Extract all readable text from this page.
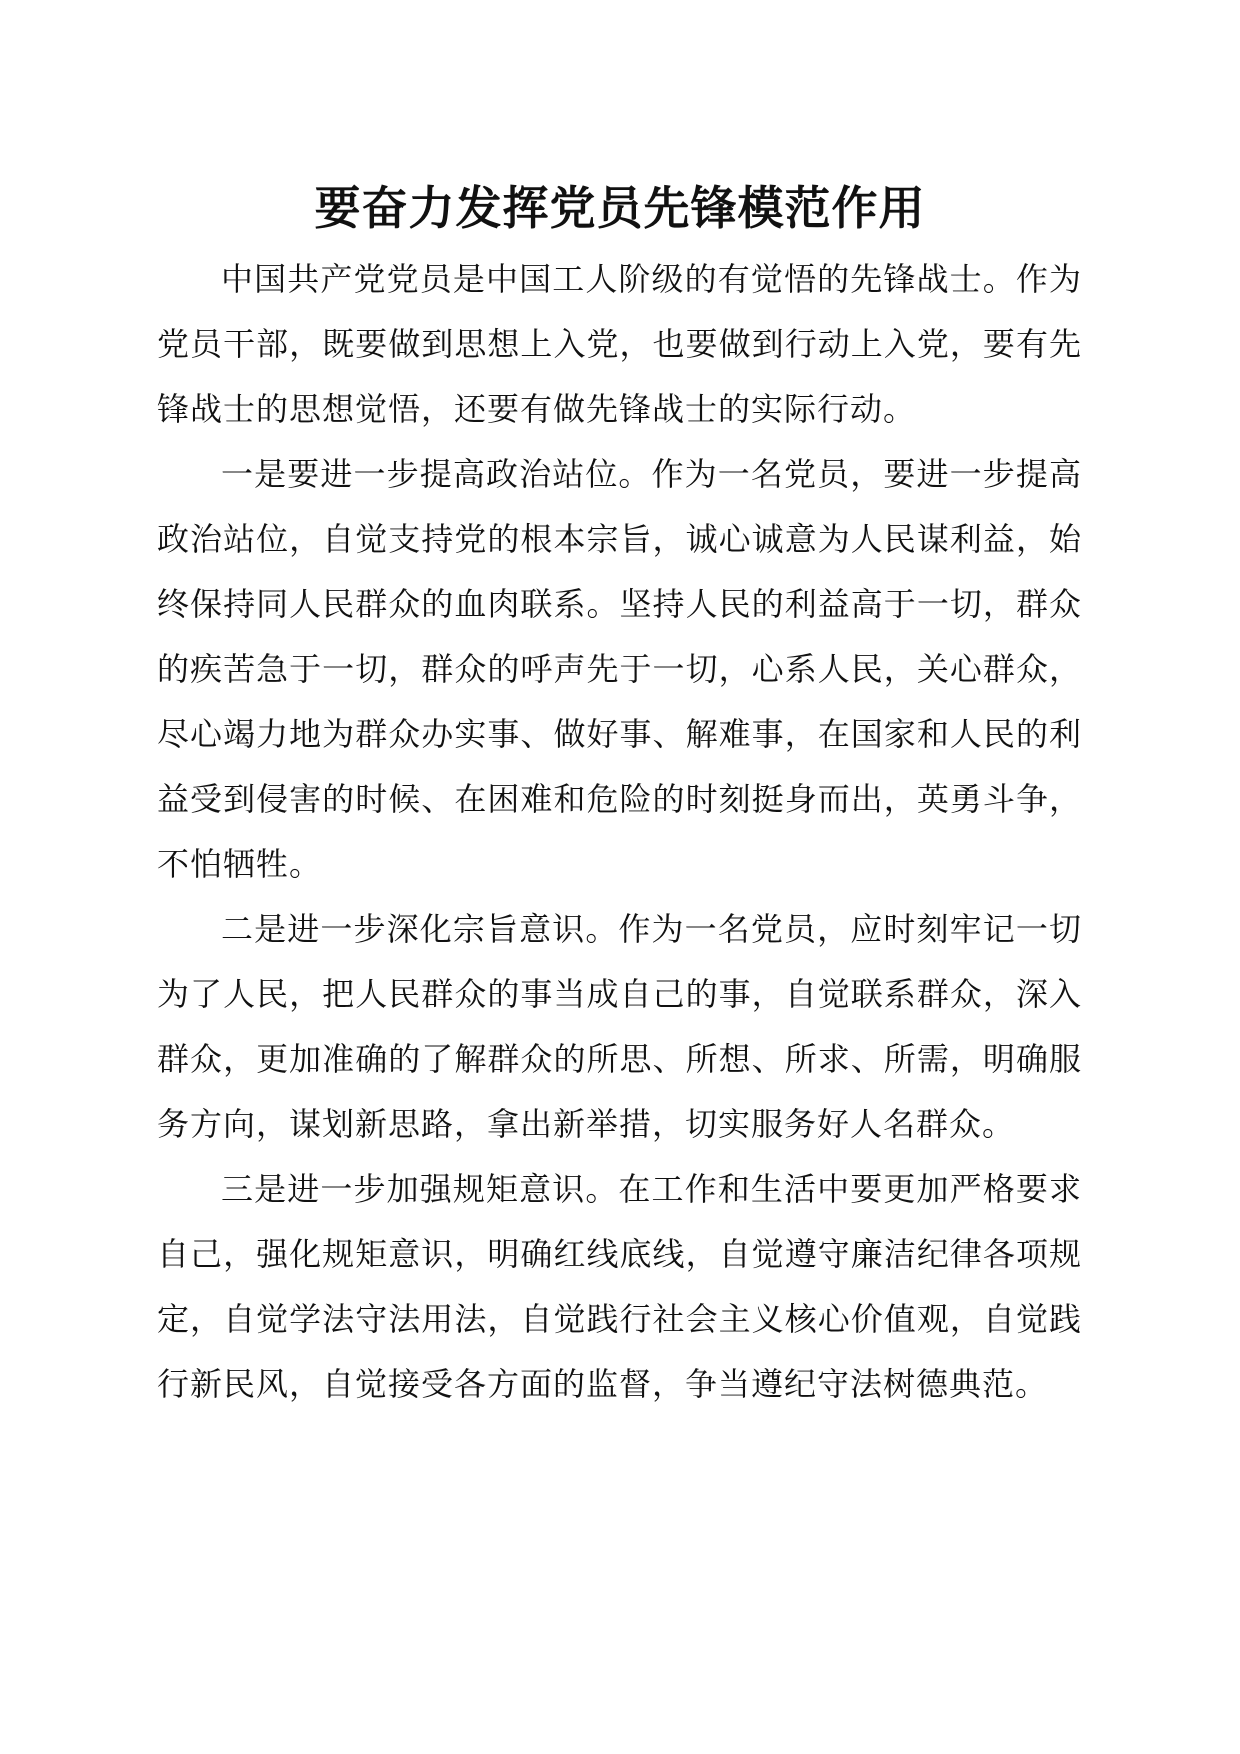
要奋力发挥党员先锋模范作用

中国共产党党员是中国工人阶级的有觉悟的先锋战士。作为党员干部，既要做到思想上入党，也要做到行动上入党，要有先锋战士的思想觉悟，还要有做先锋战士的实际行动。

一是要进一步提高政治站位。作为一名党员，要进一步提高政治站位，自觉支持党的根本宗旨，诚心诚意为人民谋利益，始终保持同人民群众的血肉联系。坚持人民的利益高于一切，群众的疾苦急于一切，群众的呼声先于一切，心系人民，关心群众，尽心竭力地为群众办实事、做好事、解难事，在国家和人民的利益受到侵害的时候、在困难和危险的时刻挺身而出，英勇斗争，不怕牺牲。

二是进一步深化宗旨意识。作为一名党员，应时刻牢记一切为了人民，把人民群众的事当成自己的事，自觉联系群众，深入群众，更加准确的了解群众的所思、所想、所求、所需，明确服务方向，谋划新思路，拿出新举措，切实服务好人名群众。

三是进一步加强规矩意识。在工作和生活中要更加严格要求自己，强化规矩意识，明确红线底线，自觉遵守廉洁纪律各项规定，自觉学法守法用法，自觉践行社会主义核心价值观，自觉践行新民风，自觉接受各方面的监督，争当遵纪守法树德典范。
